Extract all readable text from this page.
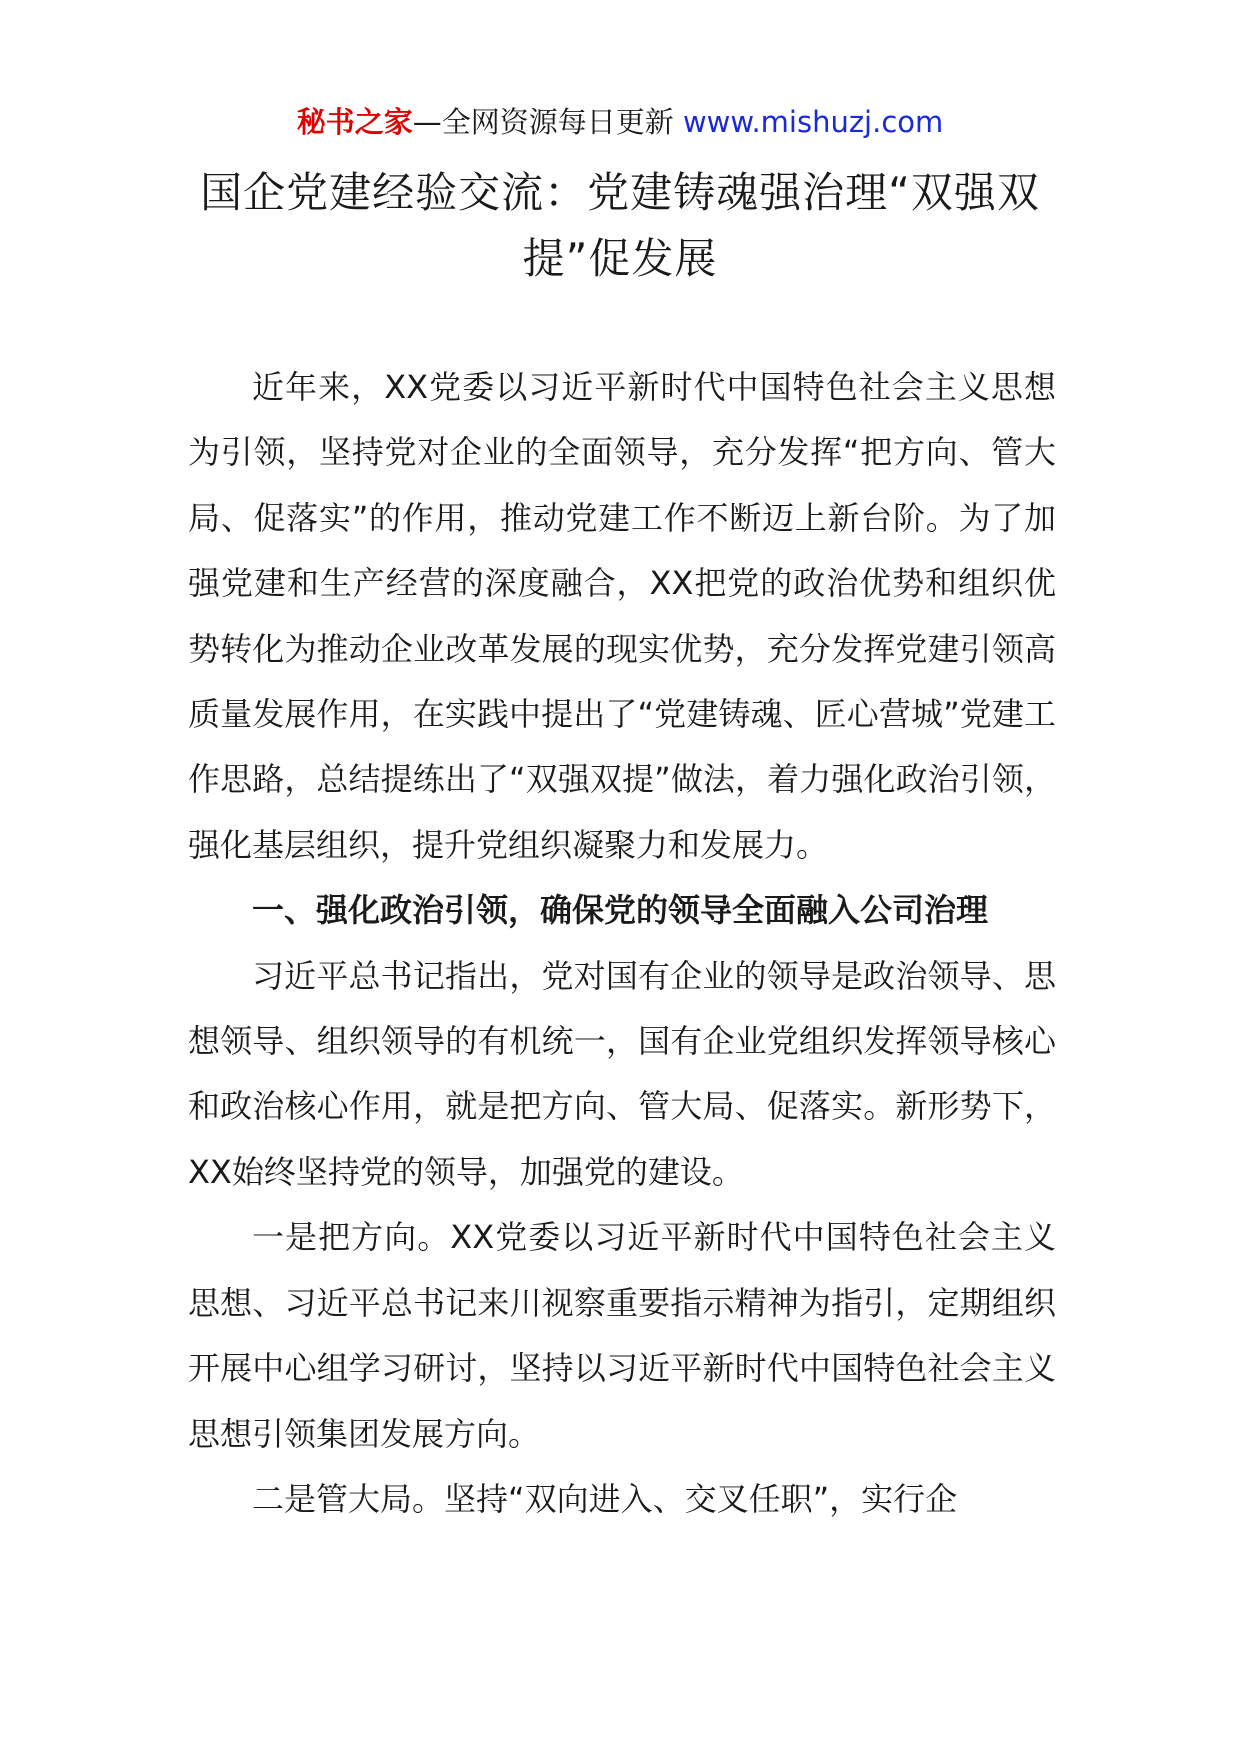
秘书之家—全网资源每日更新 www.mishuzj.com
国企党建经验交流：党建铸魂强治理“双强双提”促发展

近年来，XX党委以习近平新时代中国特色社会主义思想为引领，坚持党对企业的全面领导，充分发挥“把方向、管大局、促落实”的作用，推动党建工作不断迈上新台阶。为了加强党建和生产经营的深度融合，XX把党的政治优势和组织优势转化为推动企业改革发展的现实优势，充分发挥党建引领高质量发展作用，在实践中提出了“党建铸魂、匠心营城”党建工作思路，总结提练出了“双强双提”做法，着力强化政治引领，强化基层组织，提升党组织凝聚力和发展力。

一、强化政治引领，确保党的领导全面融入公司治理

习近平总书记指出，党对国有企业的领导是政治领导、思想领导、组织领导的有机统一，国有企业党组织发挥领导核心和政治核心作用，就是把方向、管大局、促落实。新形势下，XX始终坚持党的领导，加强党的建设。

一是把方向。XX党委以习近平新时代中国特色社会主义思想、习近平总书记来川视察重要指示精神为指引，定期组织开展中心组学习研讨，坚持以习近平新时代中国特色社会主义思想引领集团发展方向。

二是管大局。坚持“双向进入、交叉任职”，实行企
